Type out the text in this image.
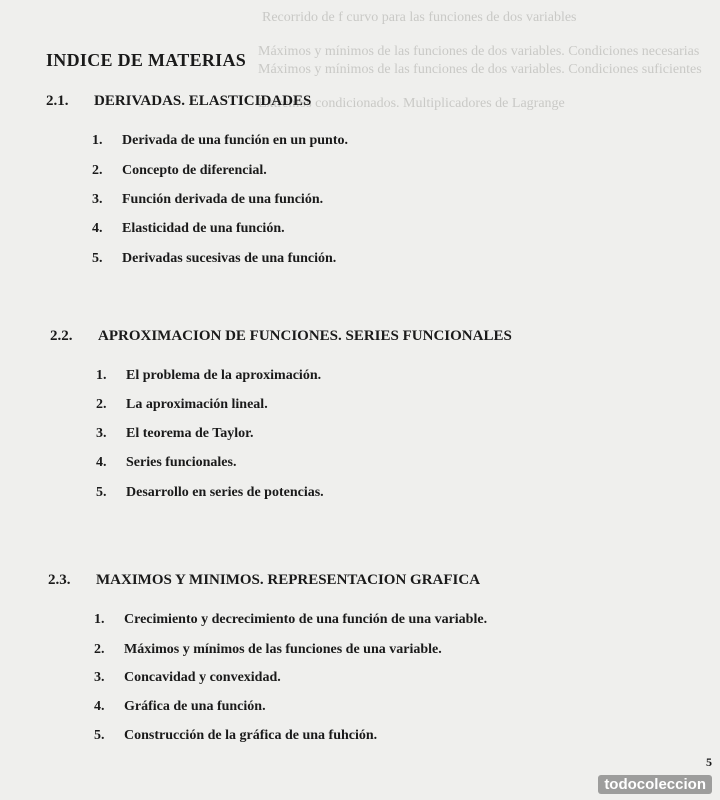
Recorrido de f curvo para las funciones de dos variables
Máximos y mínimos de las funciones de dos variables. Condiciones necesarias
Máximos y mínimos de las funciones de dos variables. Condiciones suficientes
Extremos condicionados. Multiplicadores de Lagrange
INDICE DE MATERIAS
2.1. DERIVADAS. ELASTICIDADES
1. Derivada de una función en un punto.
2. Concepto de diferencial.
3. Función derivada de una función.
4. Elasticidad de una función.
5. Derivadas sucesivas de una función.
2.2. APROXIMACION DE FUNCIONES. SERIES FUNCIONALES
1. El problema de la aproximación.
2. La aproximación lineal.
3. El teorema de Taylor.
4. Series funcionales.
5. Desarrollo en series de potencias.
2.3. MAXIMOS Y MINIMOS. REPRESENTACION GRAFICA
1. Crecimiento y decrecimiento de una función de una variable.
2. Máximos y mínimos de las funciones de una variable.
3. Concavidad y convexidad.
4. Gráfica de una función.
5. Construcción de la gráfica de una fuhción.
5
todocoleccion
